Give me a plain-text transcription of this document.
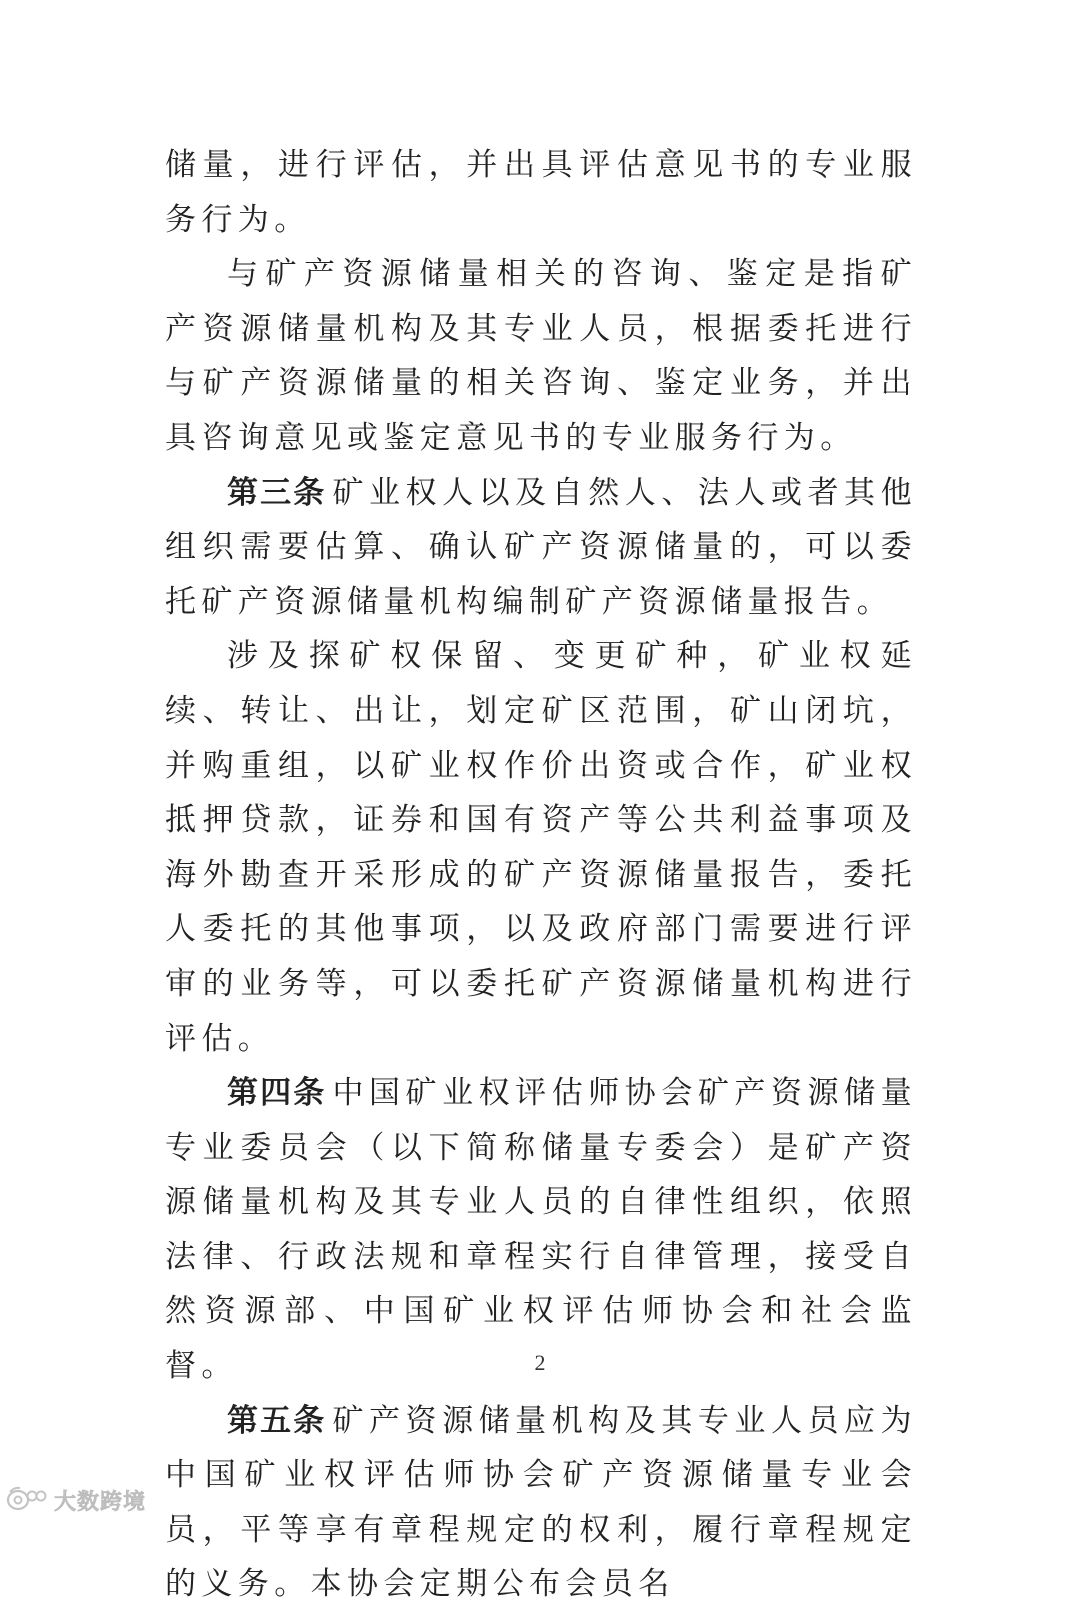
储量，进行评估，并出具评估意见书的专业服务行为。

与矿产资源储量相关的咨询、鉴定是指矿产资源储量机构及其专业人员，根据委托进行与矿产资源储量的相关咨询、鉴定业务，并出具咨询意见或鉴定意见书的专业服务行为。

第三条 矿业权人以及自然人、法人或者其他组织需要估算、确认矿产资源储量的，可以委托矿产资源储量机构编制矿产资源储量报告。

涉及探矿权保留、变更矿种，矿业权延续、转让、出让，划定矿区范围，矿山闭坑，并购重组，以矿业权作价出资或合作，矿业权抵押贷款，证券和国有资产等公共利益事项及海外勘查开采形成的矿产资源储量报告，委托人委托的其他事项，以及政府部门需要进行评审的业务等，可以委托矿产资源储量机构进行评估。

第四条 中国矿业权评估师协会矿产资源储量专业委员会（以下简称储量专委会）是矿产资源储量机构及其专业人员的自律性组织，依照法律、行政法规和章程实行自律管理，接受自然资源部、中国矿业权评估师协会和社会监督。

第五条 矿产资源储量机构及其专业人员应为中国矿业权评估师协会矿产资源储量专业会员，平等享有章程规定的权利，履行章程规定的义务。本协会定期公布会员名

2
大数跨境
